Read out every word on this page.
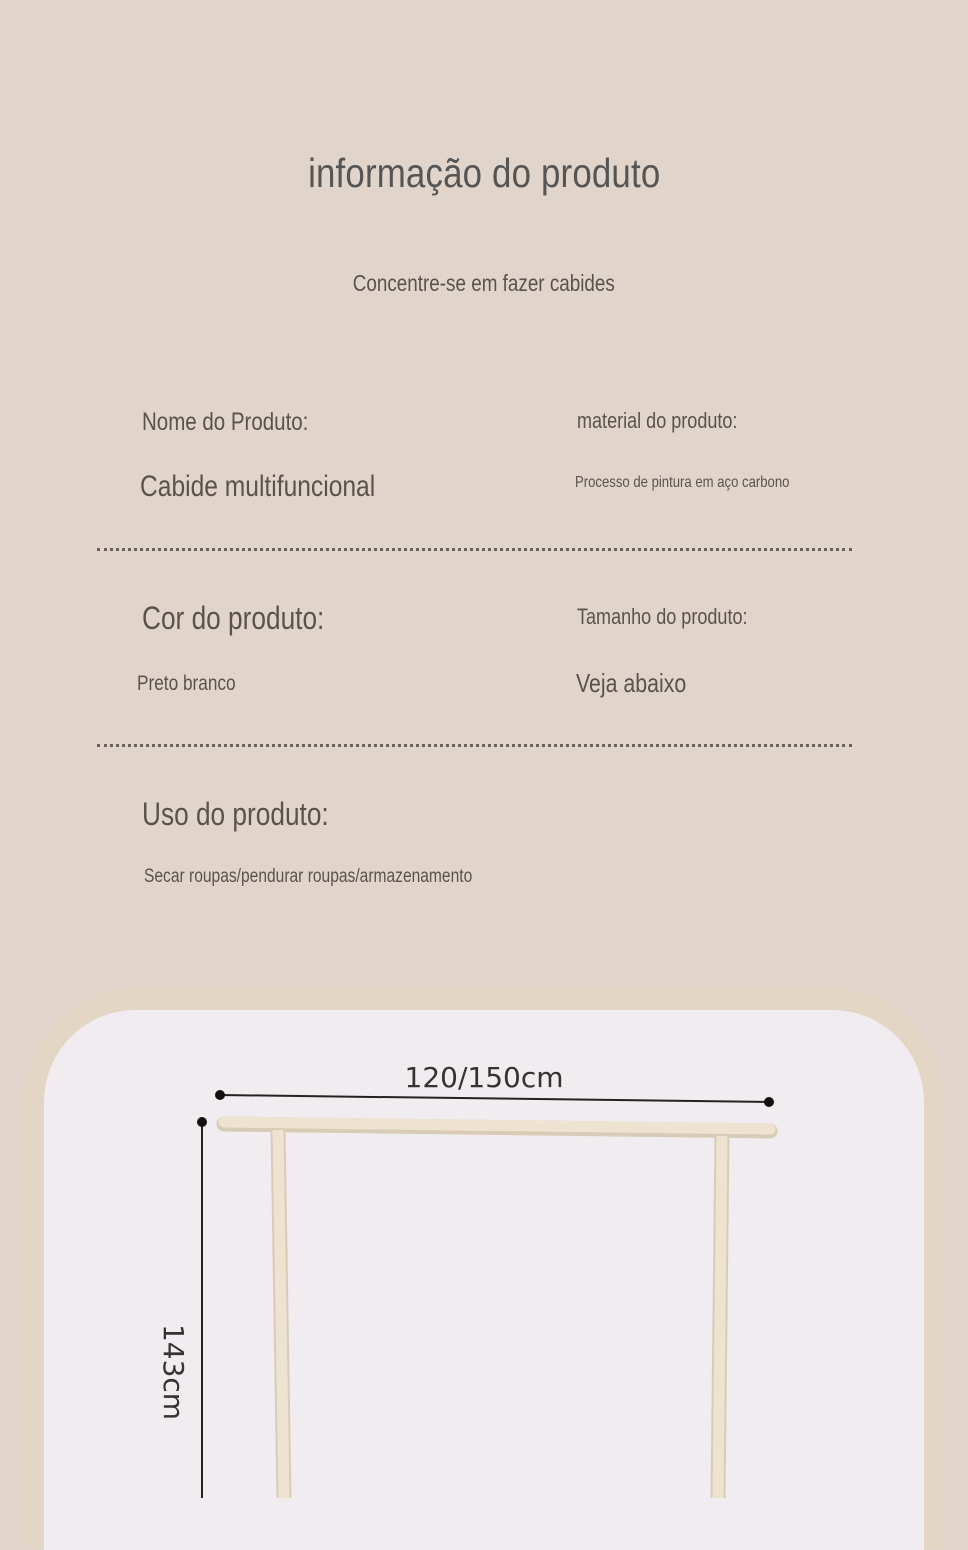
informação do produto
Concentre-se em fazer cabides
Nome do Produto:
Cabide multifuncional
material do produto:
Processo de pintura em aço carbono
Cor do produto:
Preto branco
Tamanho do produto:
Veja abaixo
Uso do produto:
Secar roupas/pendurar roupas/armazenamento
120/150cm
143cm
